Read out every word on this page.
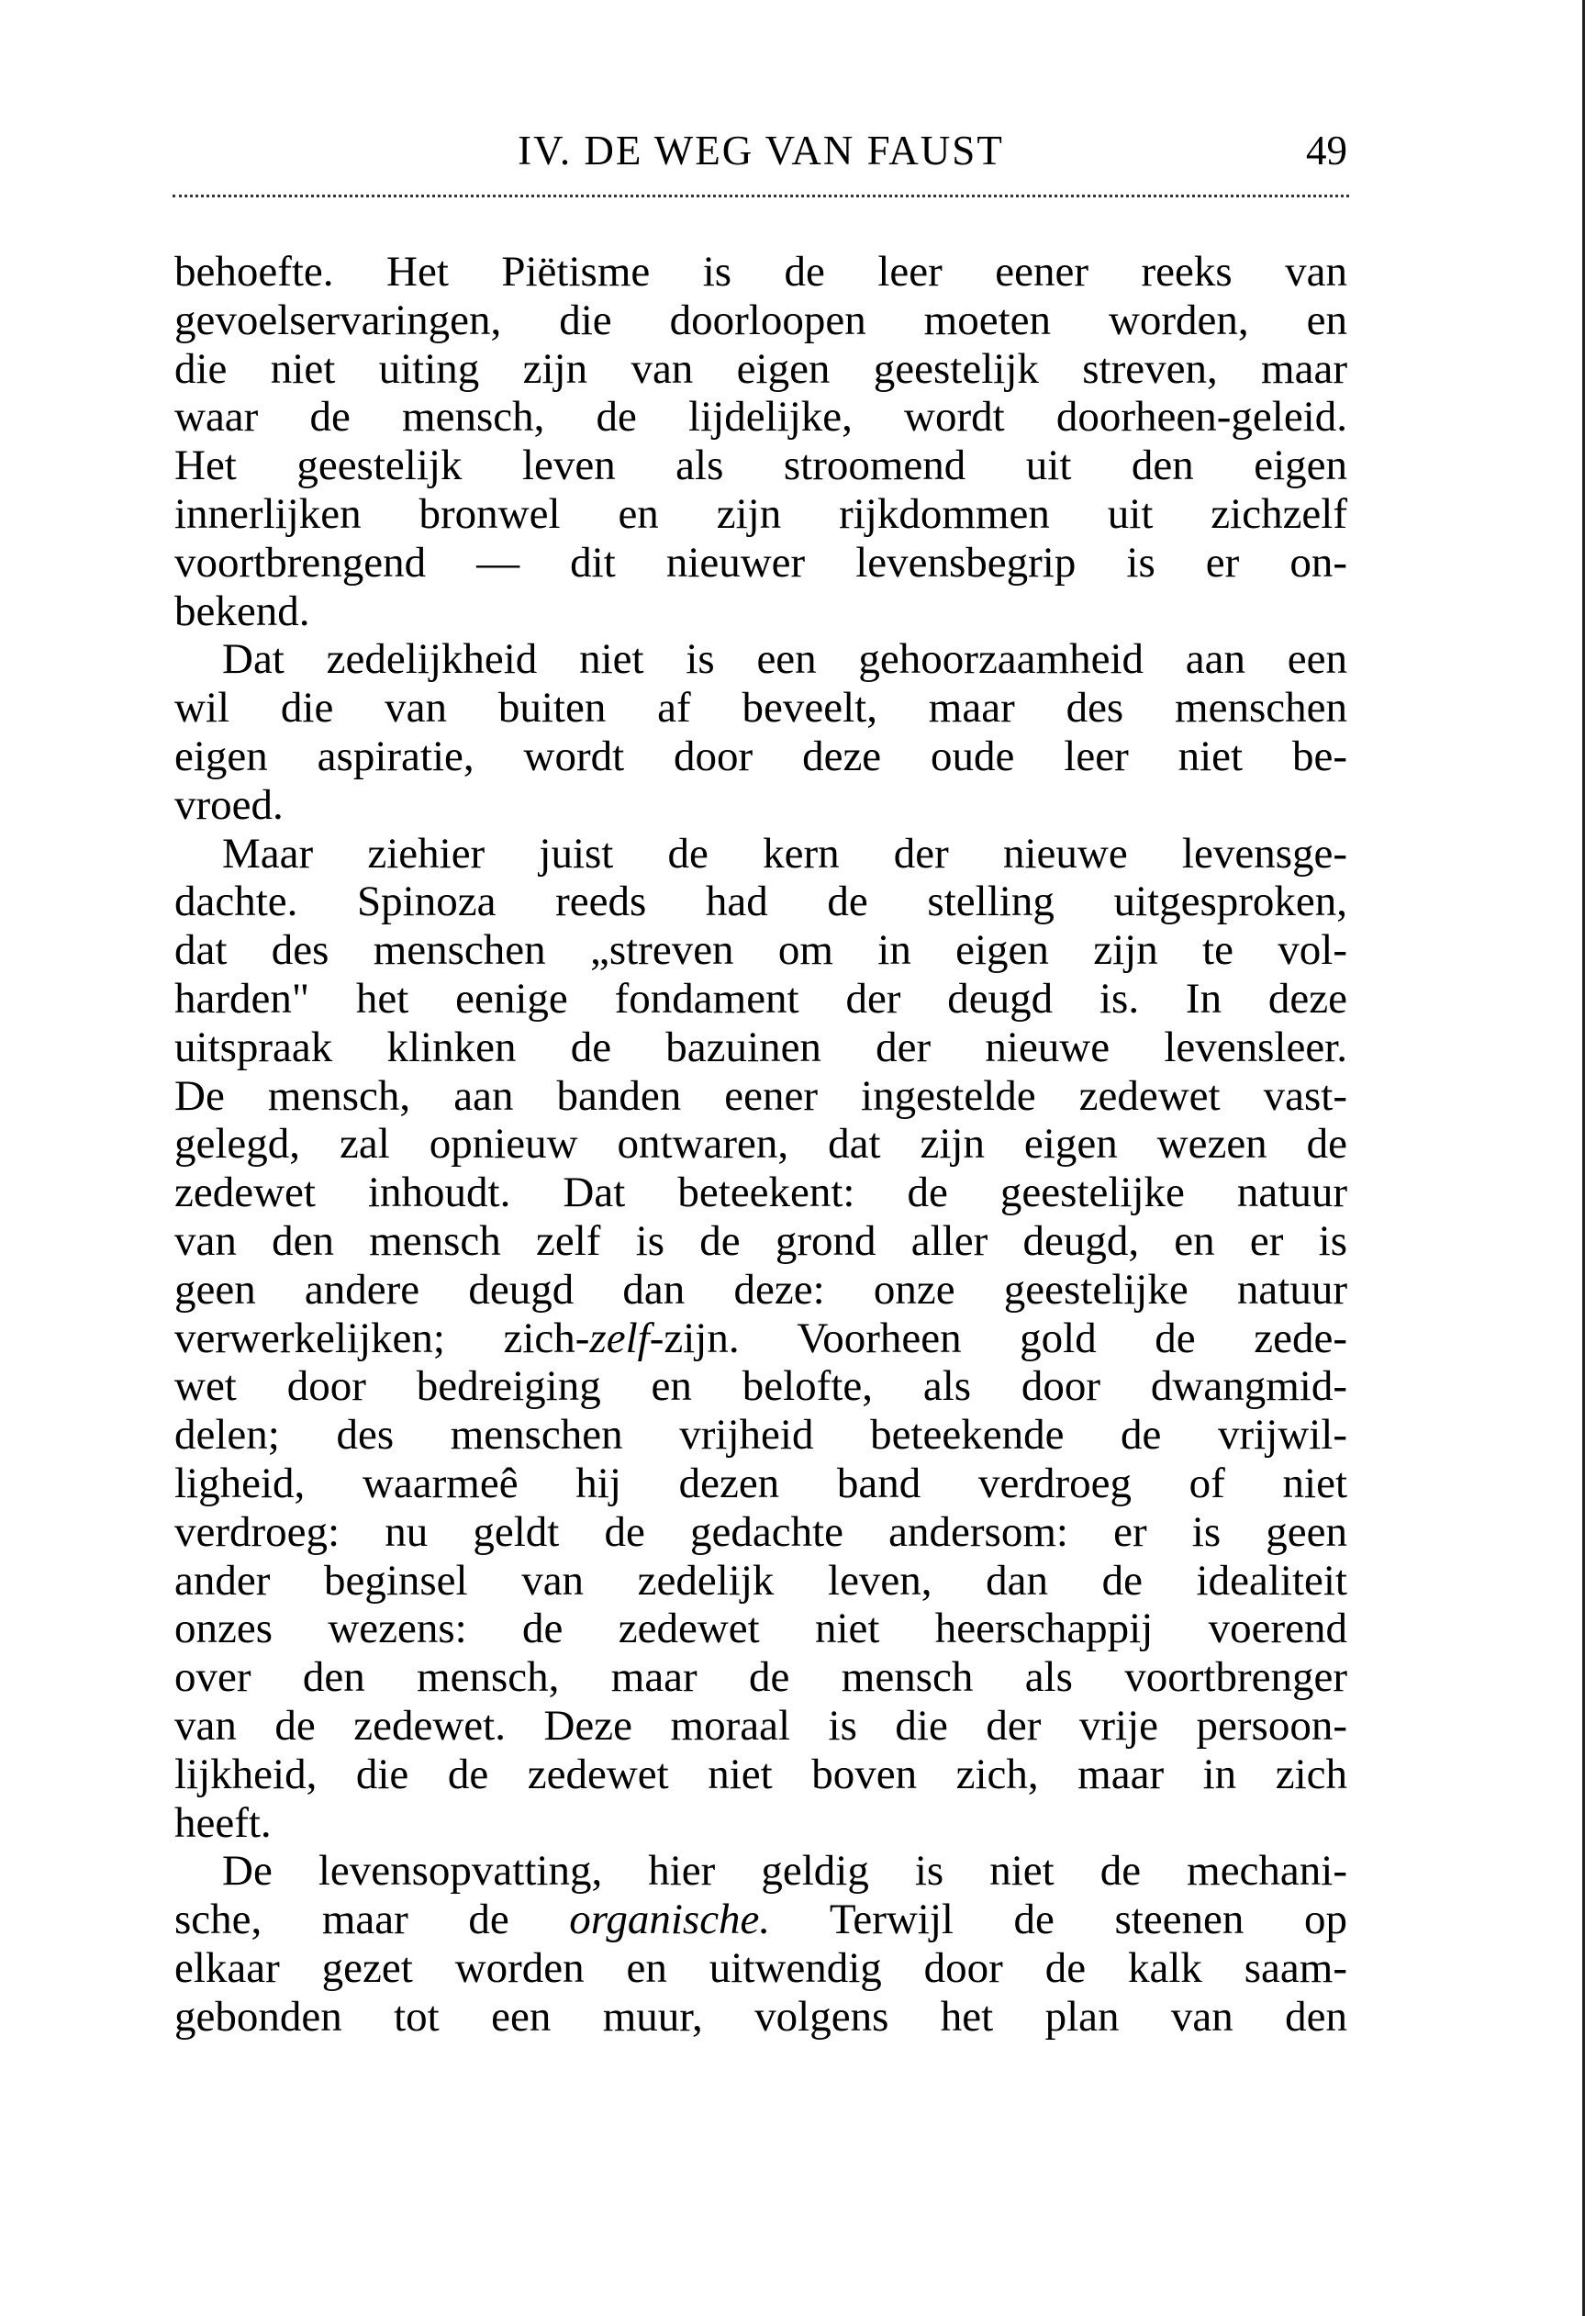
IV. DE WEG VAN FAUST	49
behoefte. Het Piëtisme is de leer eener reeks van
gevoelservaringen, die doorloopen moeten worden, en
die niet uiting zijn van eigen geestelijk streven, maar
waar de mensch, de lijdelijke, wordt doorheen-geleid.
Het geestelijk leven als stroomend uit den eigen
innerlijken bronwel en zijn rijkdommen uit zichzelf
voortbrengend — dit nieuwer levensbegrip is er on-
bekend.
Dat zedelijkheid niet is een gehoorzaamheid aan een
wil die van buiten af beveelt, maar des menschen
eigen aspiratie, wordt door deze oude leer niet be-
vroed.
Maar ziehier juist de kern der nieuwe levensge-
dachte. Spinoza reeds had de stelling uitgesproken,
dat des menschen „streven om in eigen zijn te vol-
harden" het eenige fondament der deugd is. In deze
uitspraak klinken de bazuinen der nieuwe levensleer.
De mensch, aan banden eener ingestelde zedewet vast-
gelegd, zal opnieuw ontwaren, dat zijn eigen wezen de
zedewet inhoudt. Dat beteekent: de geestelijke natuur
van den mensch zelf is de grond aller deugd, en er is
geen andere deugd dan deze: onze geestelijke natuur
verwerkelijken; zich-zelf-zijn. Voorheen gold de zede-
wet door bedreiging en belofte, als door dwangmid-
delen; des menschen vrijheid beteekende de vrijwil-
ligheid, waarmeê hij dezen band verdroeg of niet
verdroeg: nu geldt de gedachte andersom: er is geen
ander beginsel van zedelijk leven, dan de idealiteit
onzes wezens: de zedewet niet heerschappij voerend
over den mensch, maar de mensch als voortbrenger
van de zedewet. Deze moraal is die der vrije persoon-
lijkheid, die de zedewet niet boven zich, maar in zich
heeft.
De levensopvatting, hier geldig is niet de mechani-
sche, maar de organische. Terwijl de steenen op
elkaar gezet worden en uitwendig door de kalk saam-
gebonden tot een muur, volgens het plan van den
